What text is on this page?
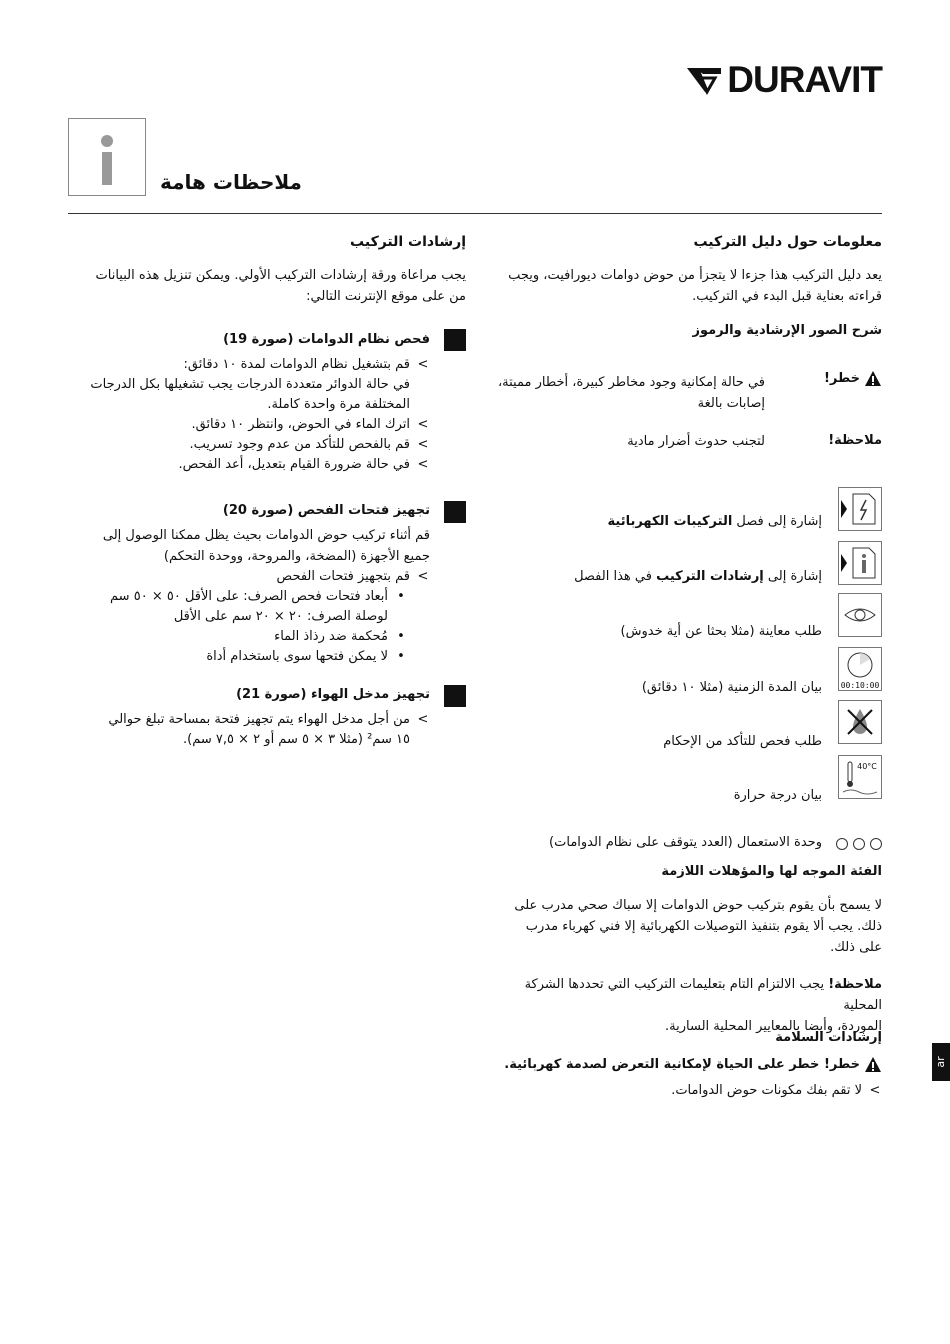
DURAVIT
ملاحظات هامة
معلومات حول دليل التركيب
يعد دليل التركيب هذا جزءا لا يتجزأ من حوض دوامات ديورافيت، ويجب
قراءته بعناية قبل البدء في التركيب.
شرح الصور الإرشادية والرموز
خطر!
في حالة إمكانية وجود مخاطر كبيرة، أخطار مميتة،
إصابات بالغة
ملاحظة!
لتجنب حدوث أضرار مادية
إشارة إلى فصل التركيبات الكهربائية
إشارة إلى إرشادات التركيب في هذا الفصل
طلب معاينة (مثلا بحثا عن أية خدوش)
00:10:00
بيان المدة الزمنية (مثلا ١٠ دقائق)
طلب فحص للتأكد من الإحكام
40°C
بيان درجة حرارة
وحدة الاستعمال (العدد يتوقف على نظام الدوامات)
الفئة الموجه لها والمؤهلات اللازمة
لا يسمح بأن يقوم بتركيب حوض الدوامات إلا سباك صحي مدرب على
ذلك. يجب ألا يقوم بتنفيذ التوصيلات الكهربائية إلا فني كهرباء مدرب
على ذلك.
ملاحظة! يجب الالتزام التام بتعليمات التركيب التي تحددها الشركة المحلية
الموردة، وأيضا بالمعايير المحلية السارية.
إرشادات السلامة
خطر! خطر على الحياة لإمكانية التعرض لصدمة كهربائية.
>
لا تقم بفك مكونات حوض الدوامات.
إرشادات التركيب
يجب مراعاة ورقة إرشادات التركيب الأولي. ويمكن تنزيل هذه البيانات
من على موقع الإنترنت التالي:
فحص نظام الدوامات (صورة 19)
>
قم بتشغيل نظام الدوامات لمدة ١٠ دقائق:
في حالة الدوائر متعددة الدرجات يجب تشغيلها بكل الدرجات
المختلفة مرة واحدة كاملة.
>
اترك الماء في الحوض، وانتظر ١٠ دقائق.
>
قم بالفحص للتأكد من عدم وجود تسريب.
>
في حالة ضرورة القيام بتعديل، أعد الفحص.
تجهيز فتحات الفحص (صورة 20)
قم أثناء تركيب حوض الدوامات بحيث يظل ممكنا الوصول إلى
جميع الأجهزة (المضخة، والمروحة، ووحدة التحكم)
>
قم بتجهيز فتحات الفحص
•
أبعاد فتحات فحص الصرف: على الأقل ٥٠ × ٥٠ سم
لوصلة الصرف: ٢٠ × ٢٠ سم على الأقل
•
مُحكمة ضد رذاذ الماء
•
لا يمكن فتحها سوى باستخدام أداة
تجهيز مدخل الهواء (صورة 21)
>
من أجل مدخل الهواء يتم تجهيز فتحة بمساحة تبلغ حوالي
١٥ سم² (مثلا ٣ × ٥ سم أو ٢ × ٧,٥ سم).
ar
